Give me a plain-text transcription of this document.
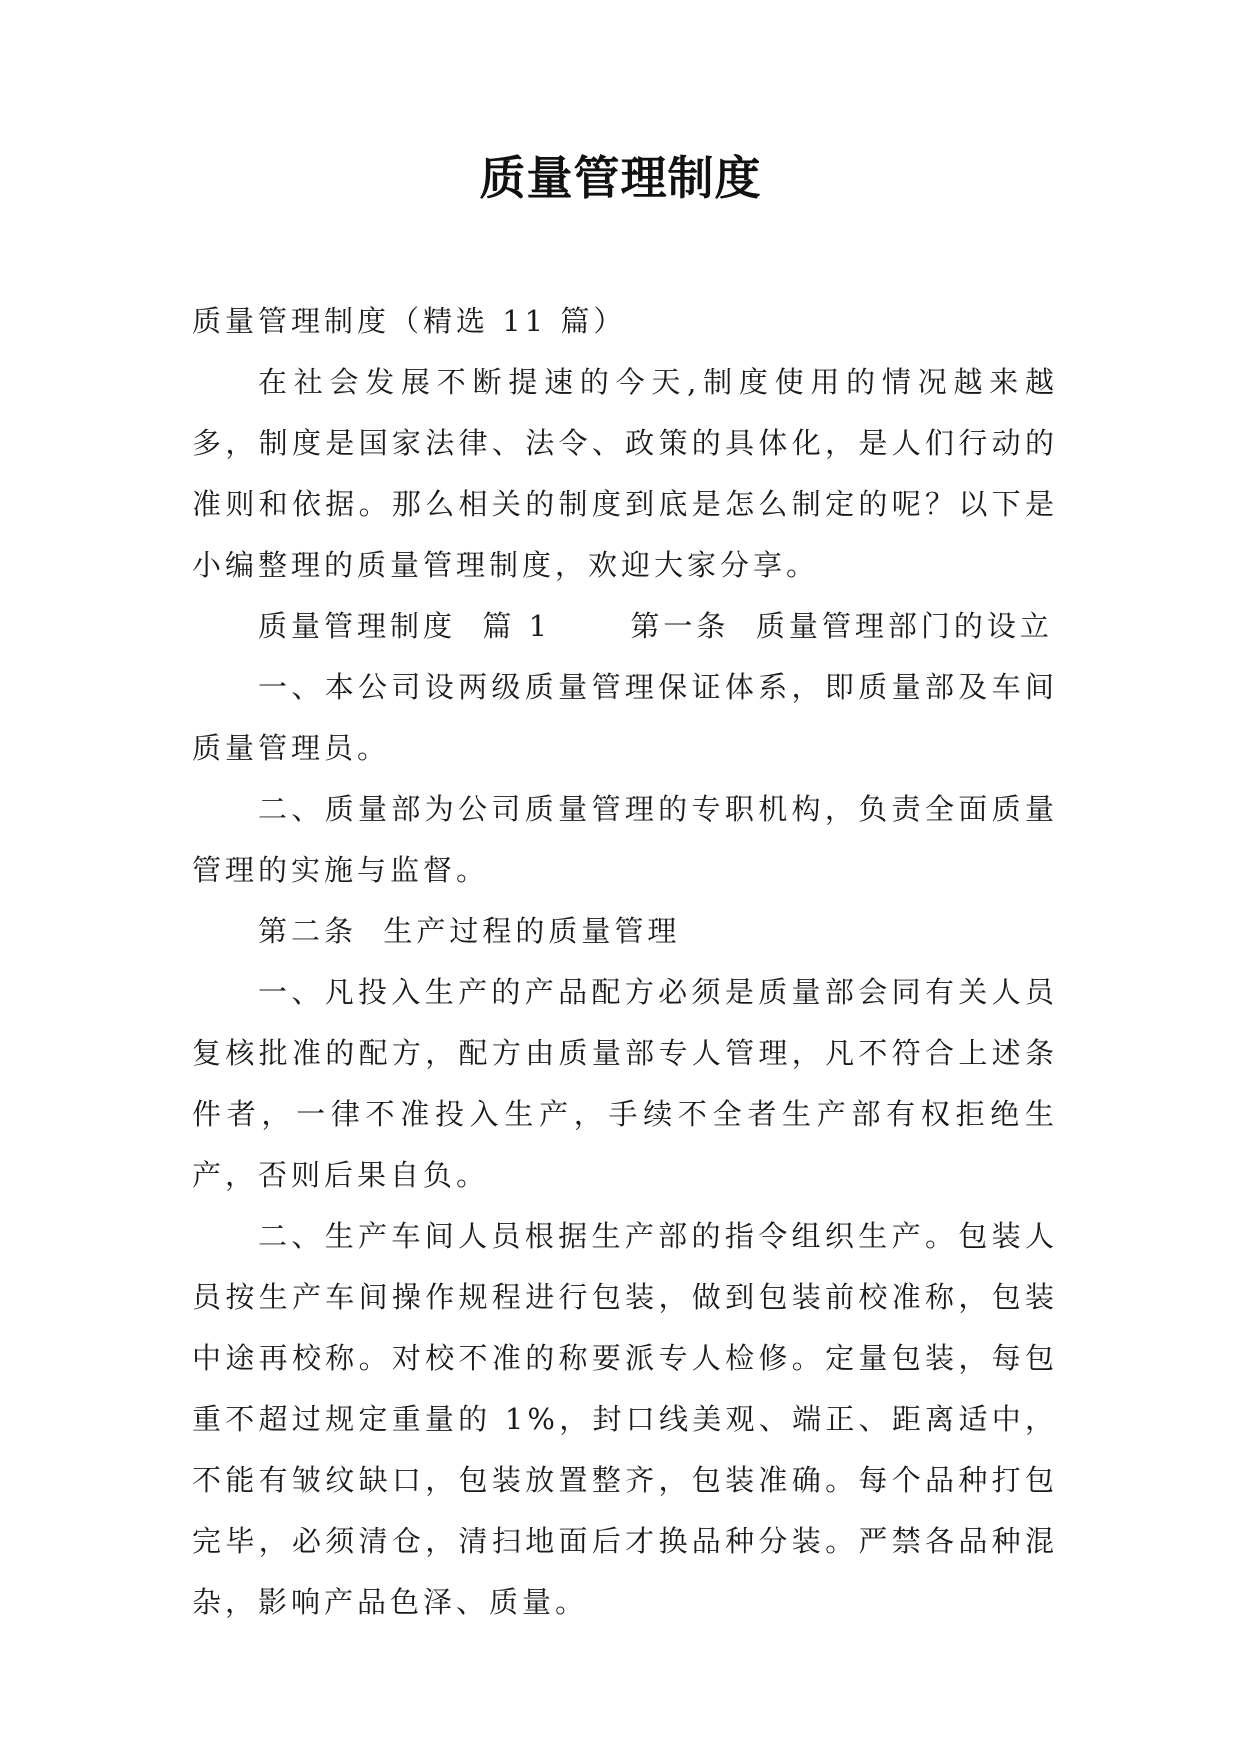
质量管理制度

质量管理制度（精选 11 篇）

在社会发展不断提速的今天,制度使用的情况越来越多，制度是国家法律、法令、政策的具体化，是人们行动的准则和依据。那么相关的制度到底是怎么制定的呢？以下是小编整理的质量管理制度，欢迎大家分享。

质量管理制度  篇 1      第一条  质量管理部门的设立

一、本公司设两级质量管理保证体系，即质量部及车间质量管理员。

二、质量部为公司质量管理的专职机构，负责全面质量管理的实施与监督。

第二条  生产过程的质量管理

一、凡投入生产的产品配方必须是质量部会同有关人员复核批准的配方，配方由质量部专人管理，凡不符合上述条件者，一律不准投入生产，手续不全者生产部有权拒绝生产，否则后果自负。

二、生产车间人员根据生产部的指令组织生产。包装人员按生产车间操作规程进行包装，做到包装前校准称，包装中途再校称。对校不准的称要派专人检修。定量包装，每包重不超过规定重量的 1%，封口线美观、端正、距离适中，不能有皱纹缺口，包装放置整齐，包装准确。每个品种打包完毕，必须清仓，清扫地面后才换品种分装。严禁各品种混杂，影响产品色泽、质量。
